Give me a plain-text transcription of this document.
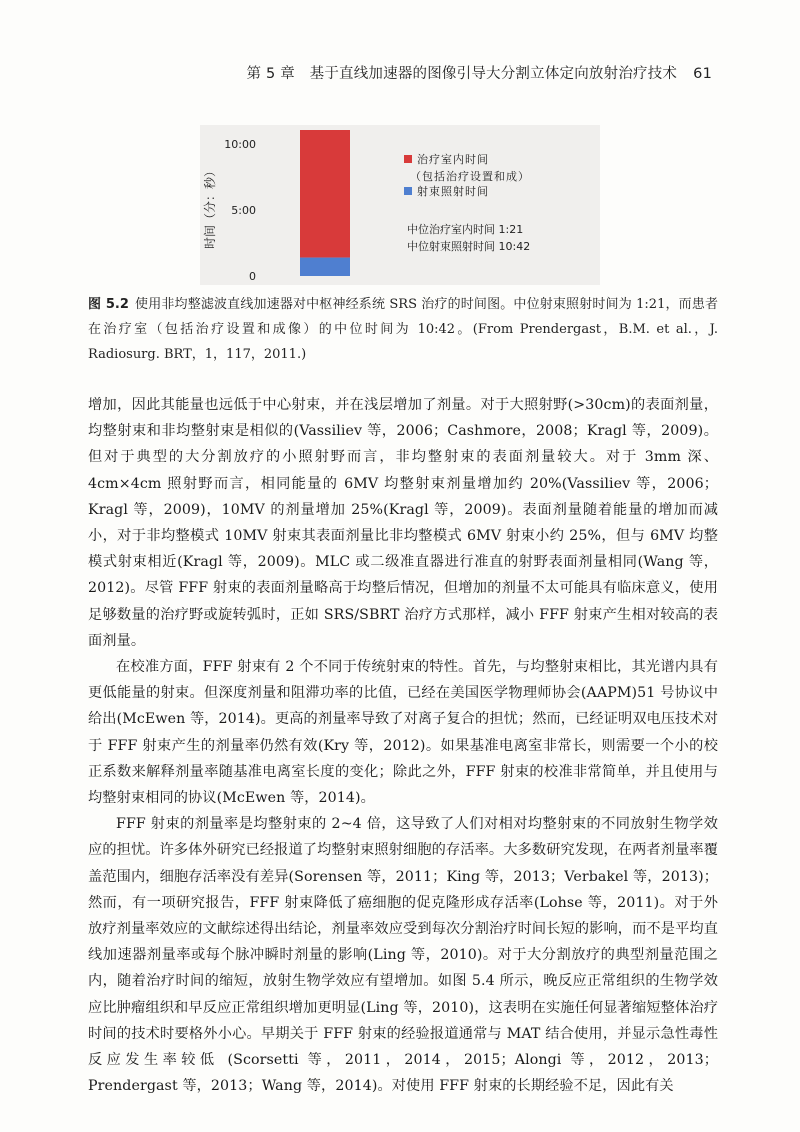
第 5 章　基于直线加速器的图像引导大分割立体定向放射治疗技术 61
时间（分：秒）
10:00
5:00
0
治疗室内时间
（包括治疗设置和成）
射束照射时间
中位治疗室内时间 1:21
中位射束照射时间 10:42
图 5.2 使用非均整滤波直线加速器对中枢神经系统 SRS 治疗的时间图。中位射束照射时间为 1:21，而患者在治疗室（包括治疗设置和成像）的中位时间为 10:42。(From Prendergast，B.M. et al.，J. Radiosurg. BRT，1，117，2011.)

增加，因此其能量也远低于中心射束，并在浅层增加了剂量。对于大照射野(>30cm)的表面剂量，均整射束和非均整射束是相似的(Vassiliev 等，2006；Cashmore，2008；Kragl 等，2009)。但对于典型的大分割放疗的小照射野而言，非均整射束的表面剂量较大。对于 3mm 深、4cm×4cm 照射野而言，相同能量的 6MV 均整射束剂量增加约 20%(Vassiliev 等，2006；Kragl 等，2009)，10MV 的剂量增加 25%(Kragl 等，2009)。表面剂量随着能量的增加而减小，对于非均整模式 10MV 射束其表面剂量比非均整模式 6MV 射束小约 25%，但与 6MV 均整模式射束相近(Kragl 等，2009)。MLC 或二级准直器进行准直的射野表面剂量相同(Wang 等，2012)。尽管 FFF 射束的表面剂量略高于均整后情况，但增加的剂量不太可能具有临床意义，使用足够数量的治疗野或旋转弧时，正如 SRS/SBRT 治疗方式那样，减小 FFF 射束产生相对较高的表面剂量。

在校准方面，FFF 射束有 2 个不同于传统射束的特性。首先，与均整射束相比，其光谱内具有更低能量的射束。但深度剂量和阻滞功率的比值，已经在美国医学物理师协会(AAPM)51 号协议中给出(McEwen 等，2014)。更高的剂量率导致了对离子复合的担忧；然而，已经证明双电压技术对于 FFF 射束产生的剂量率仍然有效(Kry 等，2012)。如果基准电离室非常长，则需要一个小的校正系数来解释剂量率随基准电离室长度的变化；除此之外，FFF 射束的校准非常简单，并且使用与均整射束相同的协议(McEwen 等，2014)。

FFF 射束的剂量率是均整射束的 2~4 倍，这导致了人们对相对均整射束的不同放射生物学效应的担忧。许多体外研究已经报道了均整射束照射细胞的存活率。大多数研究发现，在两者剂量率覆盖范围内，细胞存活率没有差异(Sorensen 等，2011；King 等，2013；Verbakel 等，2013)；然而，有一项研究报告，FFF 射束降低了癌细胞的促克隆形成存活率(Lohse 等，2011)。对于外放疗剂量率效应的文献综述得出结论，剂量率效应受到每次分割治疗时间长短的影响，而不是平均直线加速器剂量率或每个脉冲瞬时剂量的影响(Ling 等，2010)。对于大分割放疗的典型剂量范围之内，随着治疗时间的缩短，放射生物学效应有望增加。如图 5.4 所示，晚反应正常组织的生物学效应比肿瘤组织和早反应正常组织增加更明显(Ling 等，2010)，这表明在实施任何显著缩短整体治疗时间的技术时要格外小心。早期关于 FFF 射束的经验报道通常与 MAT 结合使用，并显示急性毒性反应发生率较低 (Scorsetti 等，2011，2014，2015；Alongi 等，2012，2013；Prendergast 等，2013；Wang 等，2014)。对使用 FFF 射束的长期经验不足，因此有关
